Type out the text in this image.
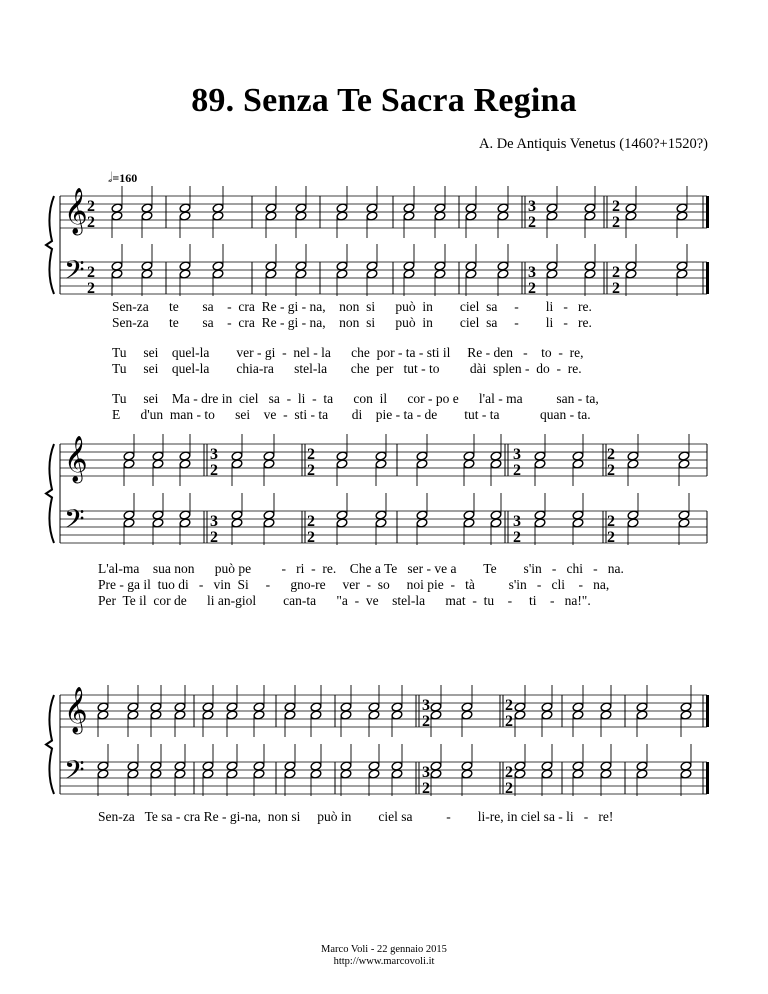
89. Senza Te Sacra Regina
A. De Antiquis Venetus (1460?+1520?)
𝅗𝅥=160
𝄞
𝄢
2
2
2
2
3
2
3
2
2
2
2
2
Sen-za      te       sa    -  cra  Re - gi - na,    non  si      può  in        ciel  sa     -        li   -   re.
Sen-za      te       sa    -  cra  Re - gi - na,    non  si      può  in        ciel  sa     -        li   -   re.
Tu     sei    quel-la        ver - gi  -  nel - la      che  por - ta - sti il     Re - den   -    to  -  re,
Tu     sei    quel-la        chia-ra      stel-la       che  per   tut - to         dài  splen -  do  -  re.
Tu     sei    Ma - dre in  ciel   sa  -  li  -  ta      con  il      cor - po e      l'al - ma          san - ta,
E      d'un  man - to      sei    ve  -  sti - ta       di    pie - ta - de        tut - ta            quan - ta.
𝄞
𝄢
3
2
3
2
2
2
2
2
3
2
3
2
2
2
2
2
L'al-ma    sua non      può pe         -   ri  -  re.    Che a Te   ser - ve a        Te        s'in   -   chi   -   na.
Pre - ga il  tuo di   -   vin  Si     -      gno-re     ver  -  so     noi pie  -   tà          s'in   -   cli    -   na,
Per  Te il  cor de      li an-giol        can-ta      "a  -  ve    stel-la      mat  -  tu    -     ti    -   na!".
𝄞
𝄢
3
2
3
2
2
2
2
2
Sen-za   Te sa - cra Re - gi-na,  non si     può in        ciel sa          -        li-re, in ciel sa - li   -   re!
Marco Voli - 22 gennaio 2015
http://www.marcovoli.it
